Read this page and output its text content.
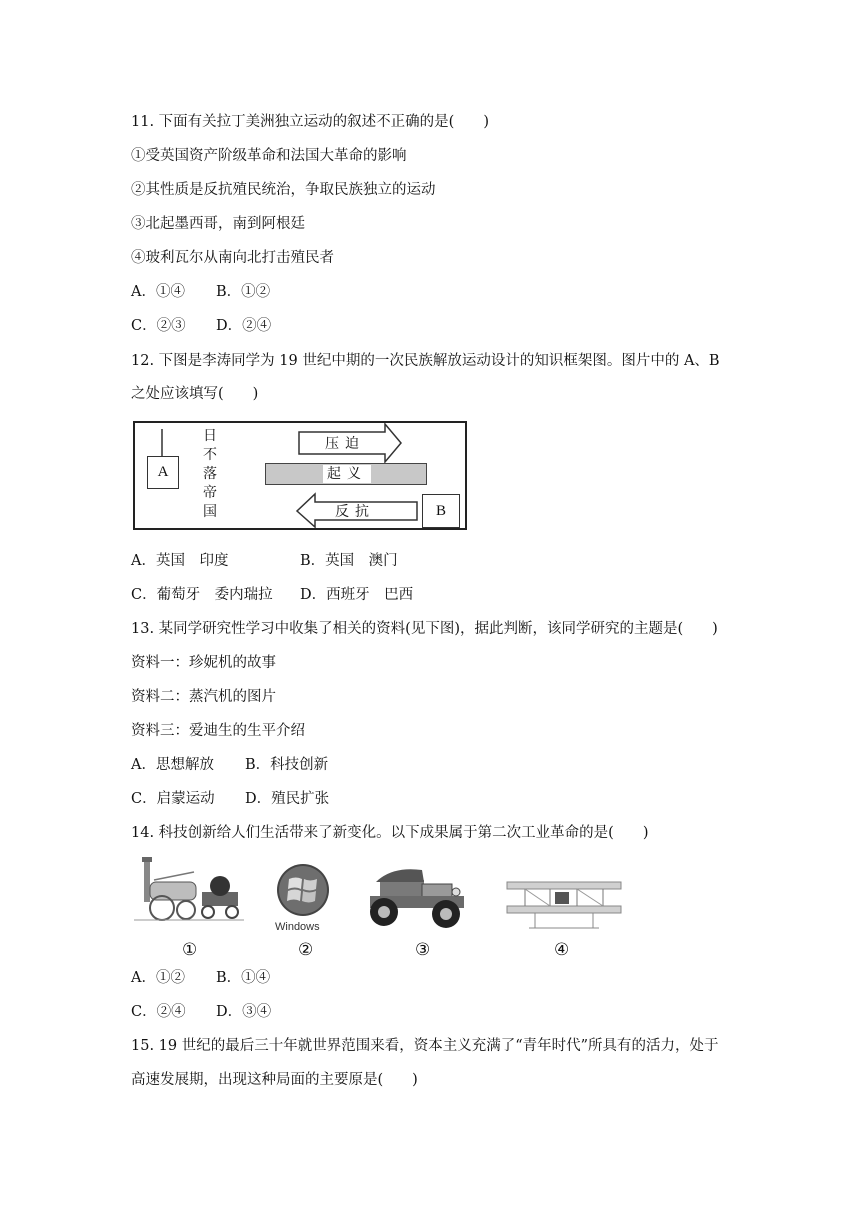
11. 下面有关拉丁美洲独立运动的叙述不正确的是(　　)
①受英国资产阶级革命和法国大革命的影响
②其性质是反抗殖民统治，争取民族独立的运动
③北起墨西哥，南到阿根廷
④玻利瓦尔从南向北打击殖民者
A．①④ B．①②
C．②③ D．②④
12. 下图是李涛同学为 19 世纪中期的一次民族解放运动设计的知识框架图。图片中的 A、B
之处应该填写(　　)
A
日不落帝国
压迫
起义
反抗	B
A．英国　印度	B．英国　澳门
C．葡萄牙　委内瑞拉 D．西班牙　巴西
13. 某同学研究性学习中收集了相关的资料(见下图)，据此判断，该同学研究的主题是(　　)
资料一：珍妮机的故事
资料二：蒸汽机的图片
资料三：爱迪生的生平介绍
A．思想解放 B．科技创新
C．启蒙运动 D．殖民扩张
14. 科技创新给人们生活带来了新变化。以下成果属于第二次工业革命的是(　　)
Windows
①	②	③	④
A．①② B．①④
C．②④ D．③④
15. 19 世纪的最后三十年就世界范围来看，资本主义充满了“青年时代”所具有的活力，处于
高速发展期，出现这种局面的主要原是(　　)
